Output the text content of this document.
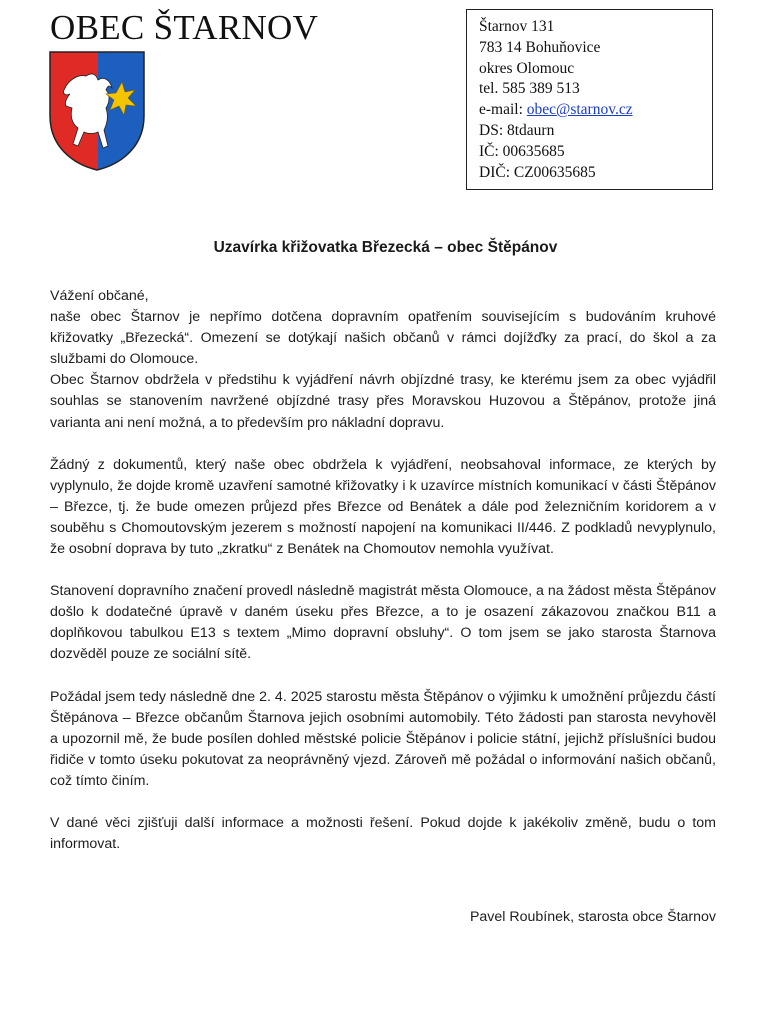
OBEC ŠTARNOV	Štarnov 131
783 14 Bohuňovice
okres Olomouc
tel. 585 389 513
e-mail: obec@starnov.cz
DS: 8tdaurn
IČ: 00635685
DIČ: CZ00635685
Uzavírka křižovatka Březecká – obec Štěpánov

Vážení občané,

naše obec Štarnov je nepřímo dotčena dopravním opatřením souvisejícím s budováním kruhové křižovatky „Březecká“. Omezení se dotýkají našich občanů v rámci dojížďky za prací, do škol a za službami do Olomouce.

Obec Štarnov obdržela v předstihu k vyjádření návrh objízdné trasy, ke kterému jsem za obec vyjádřil souhlas se stanovením navržené objízdné trasy přes Moravskou Huzovou a Štěpánov, protože jiná varianta ani není možná, a to především pro nákladní dopravu.

Žádný z dokumentů, který naše obec obdržela k vyjádření, neobsahoval informace, ze kterých by vyplynulo, že dojde kromě uzavření samotné křižovatky i k uzavírce místních komunikací v části Štěpánov – Březce, tj. že bude omezen průjezd přes Březce od Benátek a dále pod železničním koridorem a v souběhu s Chomoutovským jezerem s možností napojení na komunikaci II/446. Z podkladů nevyplynulo, že osobní doprava by tuto „zkratku“ z Benátek na Chomoutov nemohla využívat.

Stanovení dopravního značení provedl následně magistrát města Olomouce, a na žádost města Štěpánov došlo k dodatečné úpravě v daném úseku přes Březce, a to je osazení zákazovou značkou B11 a doplňkovou tabulkou E13 s textem „Mimo dopravní obsluhy“. O tom jsem se jako starosta Štarnova dozvěděl pouze ze sociální sítě.

Požádal jsem tedy následně dne 2. 4. 2025 starostu města Štěpánov o výjimku k umožnění průjezdu částí Štěpánova – Březce občanům Štarnova jejich osobními automobily. Této žádosti pan starosta nevyhověl a upozornil mě, že bude posílen dohled městské policie Štěpánov i policie státní, jejichž příslušníci budou řidiče v tomto úseku pokutovat za neoprávněný vjezd. Zároveň mě požádal o informování našich občanů, což tímto činím.

V dané věci zjišťuji další informace a možnosti řešení. Pokud dojde k jakékoliv změně, budu o tom informovat.

Pavel Roubínek, starosta obce Štarnov
